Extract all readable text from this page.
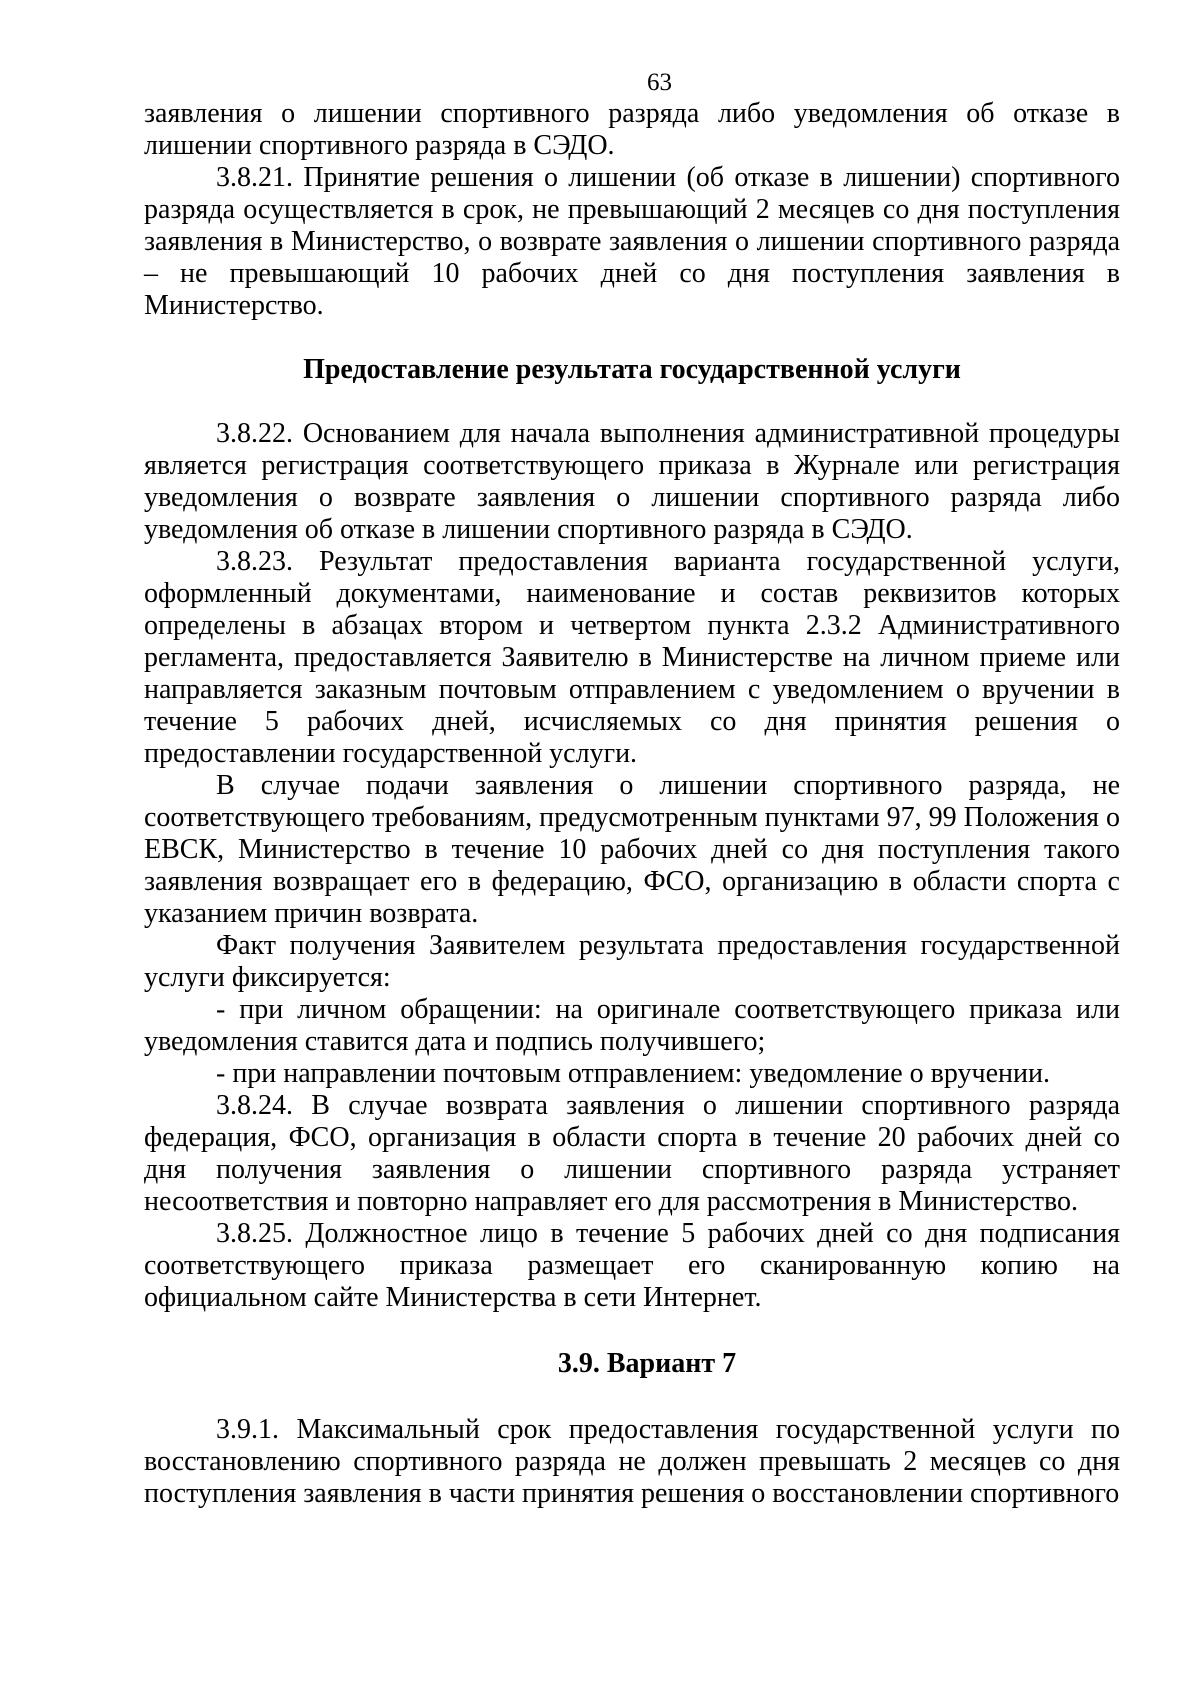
63

заявления о лишении спортивного разряда либо уведомления об отказе в лишении спортивного разряда в СЭДО.

3.8.21. Принятие решения о лишении (об отказе в лишении) спортивного разряда осуществляется в срок, не превышающий 2 месяцев со дня поступления заявления в Министерство, о возврате заявления о лишении спортивного разряда – не превышающий 10 рабочих дней со дня поступления заявления в Министерство.

Предоставление результата государственной услуги

3.8.22. Основанием для начала выполнения административной процедуры является регистрация соответствующего приказа в Журнале или регистрация уведомления о возврате заявления о лишении спортивного разряда либо уведомления об отказе в лишении спортивного разряда в СЭДО.

3.8.23. Результат предоставления варианта государственной услуги, оформленный документами, наименование и состав реквизитов которых определены в абзацах втором и четвертом пункта 2.3.2 Административного регламента, предоставляется Заявителю в Министерстве на личном приеме или направляется заказным почтовым отправлением с уведомлением о вручении в течение 5 рабочих дней, исчисляемых со дня принятия решения о предоставлении государственной услуги.

В случае подачи заявления о лишении спортивного разряда, не соответствующего требованиям, предусмотренным пунктами 97, 99 Положения о ЕВСК, Министерство в течение 10 рабочих дней со дня поступления такого заявления возвращает его в федерацию, ФСО, организацию в области спорта с указанием причин возврата.

Факт получения Заявителем результата предоставления государственной услуги фиксируется:

- при личном обращении: на оригинале соответствующего приказа или уведомления ставится дата и подпись получившего;

- при направлении почтовым отправлением: уведомление о вручении.

3.8.24. В случае возврата заявления о лишении спортивного разряда федерация, ФСО, организация в области спорта в течение 20 рабочих дней со дня получения заявления о лишении спортивного разряда устраняет несоответствия и повторно направляет его для рассмотрения в Министерство.

3.8.25. Должностное лицо в течение 5 рабочих дней со дня подписания соответствующего приказа размещает его сканированную копию на официальном сайте Министерства в сети Интернет.

3.9. Вариант 7

3.9.1. Максимальный срок предоставления государственной услуги по восстановлению спортивного разряда не должен превышать 2 месяцев со дня поступления заявления в части принятия решения о восстановлении спортивного
